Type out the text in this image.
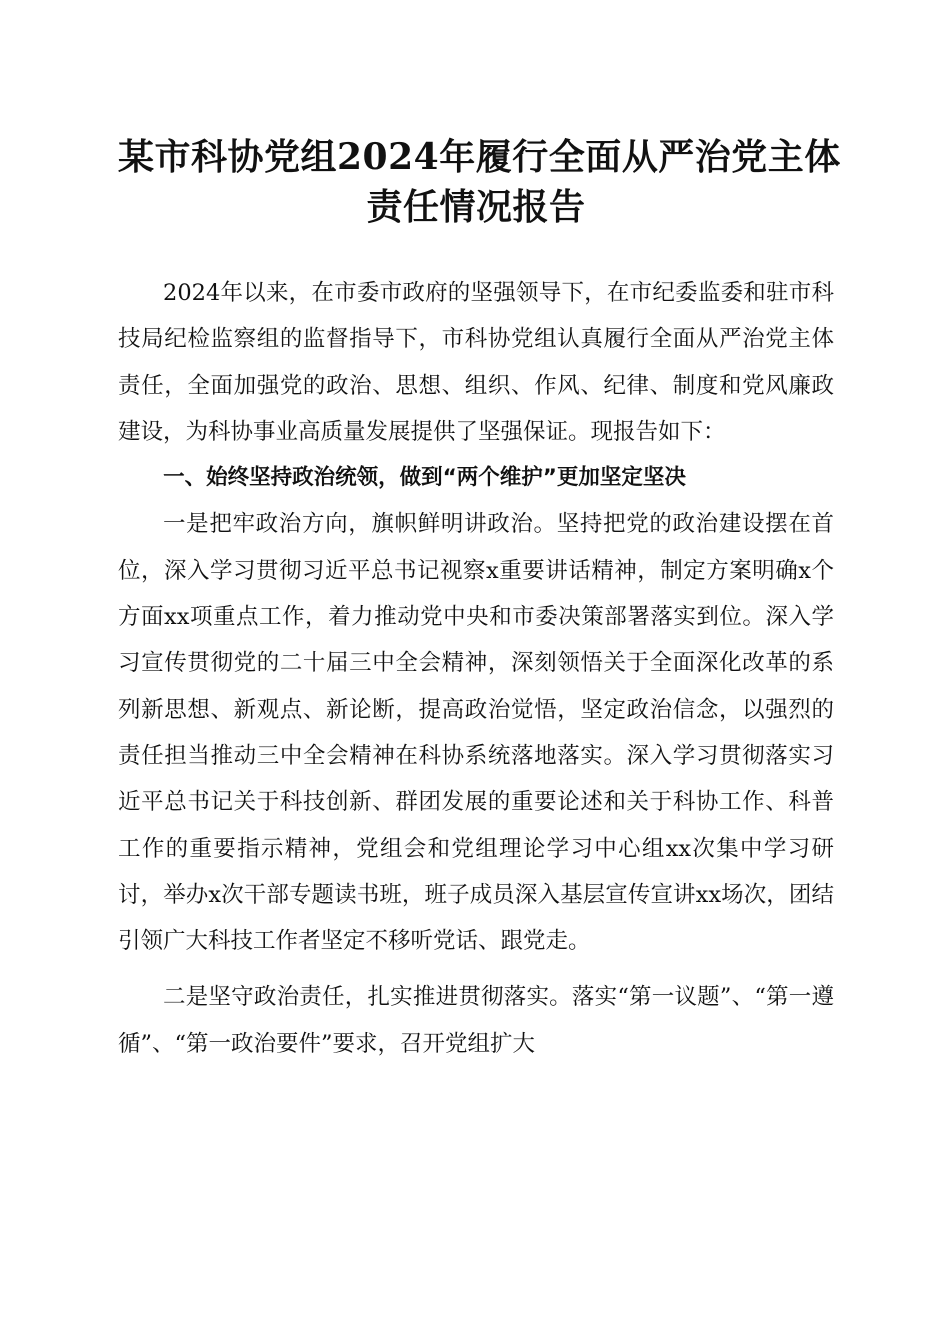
某市科协党组2024年履行全面从严治党主体
责任情况报告

2024年以来，在市委市政府的坚强领导下，在市纪委监委和驻市科技局纪检监察组的监督指导下，市科协党组认真履行全面从严治党主体责任，全面加强党的政治、思想、组织、作风、纪律、制度和党风廉政建设，为科协事业高质量发展提供了坚强保证。现报告如下：

一、始终坚持政治统领，做到“两个维护”更加坚定坚决

一是把牢政治方向，旗帜鲜明讲政治。坚持把党的政治建设摆在首位，深入学习贯彻习近平总书记视察x重要讲话精神，制定方案明确x个方面xx项重点工作，着力推动党中央和市委决策部署落实到位。深入学习宣传贯彻党的二十届三中全会精神，深刻领悟关于全面深化改革的系列新思想、新观点、新论断，提高政治觉悟，坚定政治信念，以强烈的责任担当推动三中全会精神在科协系统落地落实。深入学习贯彻落实习近平总书记关于科技创新、群团发展的重要论述和关于科协工作、科普工作的重要指示精神，党组会和党组理论学习中心组xx次集中学习研讨，举办x次干部专题读书班，班子成员深入基层宣传宣讲xx场次，团结引领广大科技工作者坚定不移听党话、跟党走。

二是坚守政治责任，扎实推进贯彻落实。落实“第一议题”、“第一遵循”、“第一政治要件”要求，召开党组扩大
